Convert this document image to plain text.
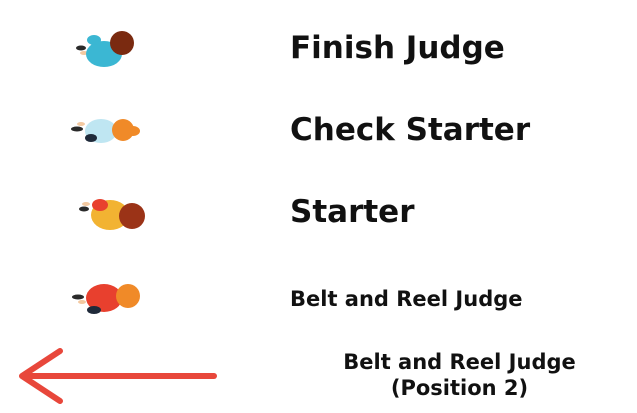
Finish Judge
Check Starter
Starter
Belt and Reel Judge
Belt and Reel Judge
(Position 2)
